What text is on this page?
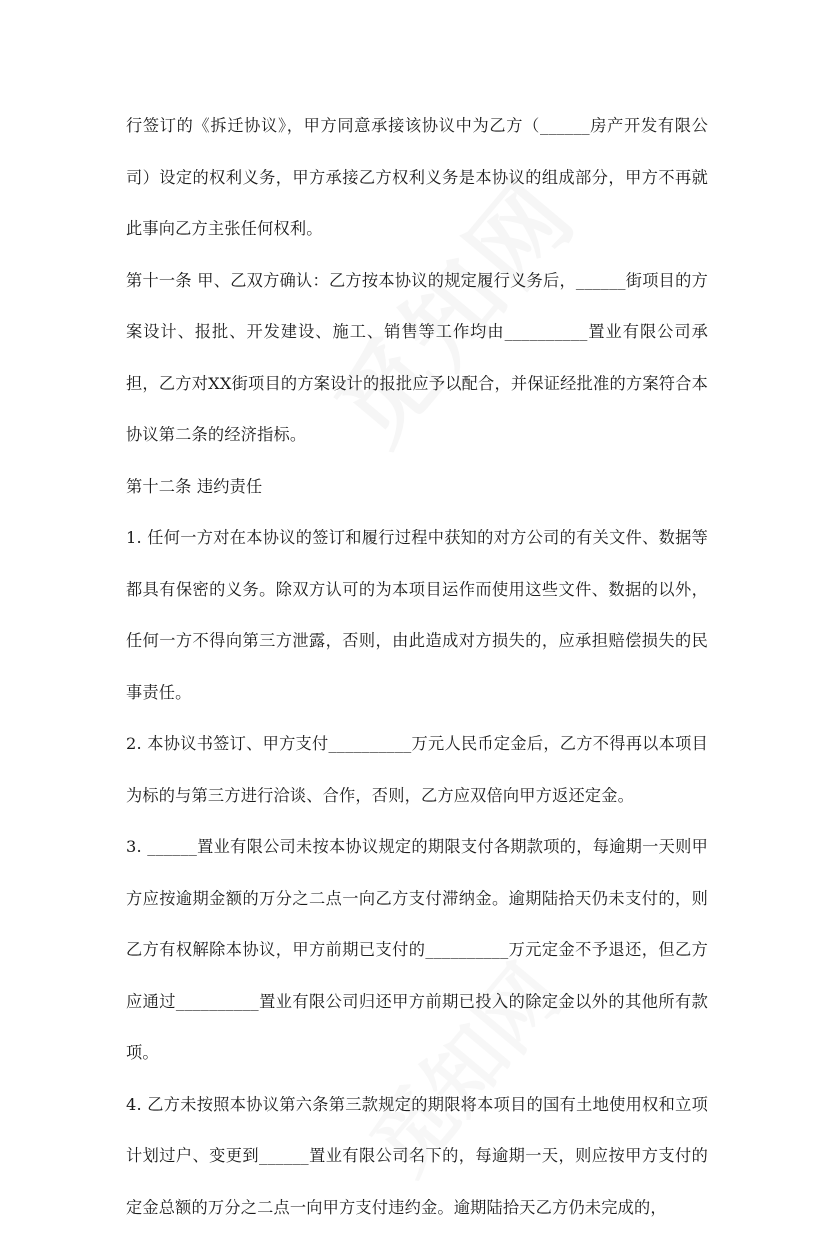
行签订的《拆迁协议》，甲方同意承接该协议中为乙方（______房产开发有限公司）设定的权利义务，甲方承接乙方权利义务是本协议的组成部分，甲方不再就此事向乙方主张任何权利。

第十一条 甲、乙双方确认：乙方按本协议的规定履行义务后，______街项目的方案设计、报批、开发建设、施工、销售等工作均由__________置业有限公司承担，乙方对XX街项目的方案设计的报批应予以配合，并保证经批准的方案符合本协议第二条的经济指标。

第十二条 违约责任

1. 任何一方对在本协议的签订和履行过程中获知的对方公司的有关文件、数据等都具有保密的义务。除双方认可的为本项目运作而使用这些文件、数据的以外，任何一方不得向第三方泄露，否则，由此造成对方损失的，应承担赔偿损失的民事责任。

2. 本协议书签订、甲方支付__________万元人民币定金后，乙方不得再以本项目为标的与第三方进行洽谈、合作，否则，乙方应双倍向甲方返还定金。

3. ______置业有限公司未按本协议规定的期限支付各期款项的，每逾期一天则甲方应按逾期金额的万分之二点一向乙方支付滞纳金。逾期陆拾天仍未支付的，则乙方有权解除本协议，甲方前期已支付的__________万元定金不予退还，但乙方应通过__________置业有限公司归还甲方前期已投入的除定金以外的其他所有款项。

4. 乙方未按照本协议第六条第三款规定的期限将本项目的国有土地使用权和立项计划过户、变更到______置业有限公司名下的，每逾期一天，则应按甲方支付的定金总额的万分之二点一向甲方支付违约金。逾期陆拾天乙方仍未完成的，
